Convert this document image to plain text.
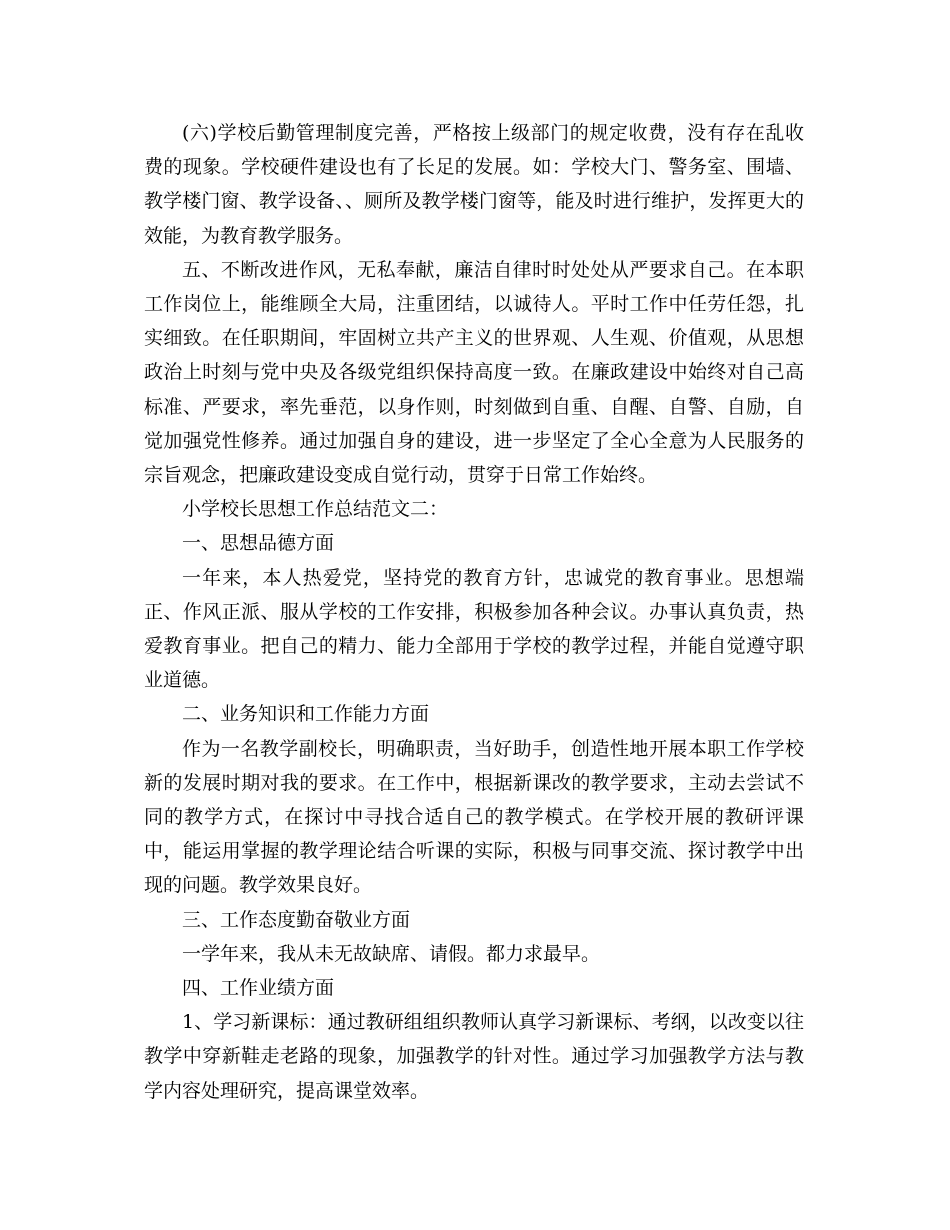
(六)学校后勤管理制度完善，严格按上级部门的规定收费，没有存在乱收费的现象。学校硬件建设也有了长足的发展。如：学校大门、警务室、围墙、教学楼门窗、教学设备、、厕所及教学楼门窗等，能及时进行维护，发挥更大的效能，为教育教学服务。

五、不断改进作风，无私奉献，廉洁自律时时处处从严要求自己。在本职工作岗位上，能维顾全大局，注重团结，以诚待人。平时工作中任劳任怨，扎实细致。在任职期间，牢固树立共产主义的世界观、人生观、价值观，从思想政治上时刻与党中央及各级党组织保持高度一致。在廉政建设中始终对自己高标准、严要求，率先垂范，以身作则，时刻做到自重、自醒、自警、自励，自觉加强党性修养。通过加强自身的建设，进一步坚定了全心全意为人民服务的宗旨观念，把廉政建设变成自觉行动，贯穿于日常工作始终。

小学校长思想工作总结范文二：

一、思想品德方面

一年来，本人热爱党，坚持党的教育方针，忠诚党的教育事业。思想端正、作风正派、服从学校的工作安排，积极参加各种会议。办事认真负责，热爱教育事业。把自己的精力、能力全部用于学校的教学过程，并能自觉遵守职业道德。

二、业务知识和工作能力方面

作为一名教学副校长，明确职责，当好助手，创造性地开展本职工作学校新的发展时期对我的要求。在工作中，根据新课改的教学要求，主动去尝试不同的教学方式，在探讨中寻找合适自己的教学模式。在学校开展的教研评课中，能运用掌握的教学理论结合听课的实际，积极与同事交流、探讨教学中出现的问题。教学效果良好。

三、工作态度勤奋敬业方面

一学年来，我从未无故缺席、请假。都力求最早。

四、工作业绩方面

1、学习新课标：通过教研组组织教师认真学习新课标、考纲，以改变以往教学中穿新鞋走老路的现象，加强教学的针对性。通过学习加强教学方法与教学内容处理研究，提高课堂效率。
